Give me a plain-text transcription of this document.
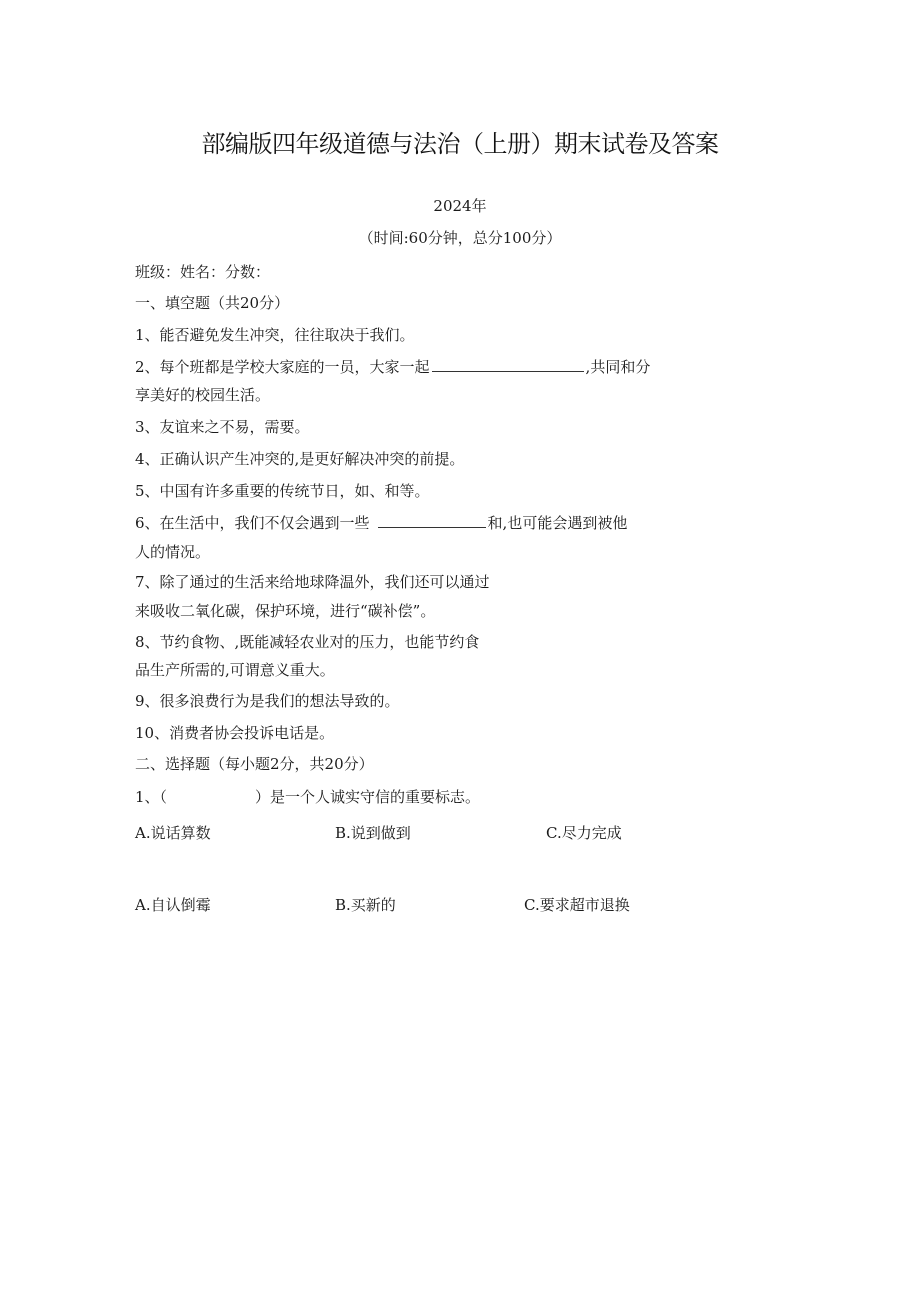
部编版四年级道德与法治（上册）期末试卷及答案
2024年
（时间:60分钟，总分100分）
班级：姓名：分数：
一、填空题（共20分）
1、能否避免发生冲突，往往取决于我们。
2、每个班都是学校大家庭的一员，大家一起	,共同和分
享美好的校园生活。
3、友谊来之不易，需要。
4、正确认识产生冲突的,是更好解决冲突的前提。
5、中国有许多重要的传统节日，如、和等。
6、在生活中，我们不仅会遇到一些	和,也可能会遇到被他
人的情况。
7、除了通过的生活来给地球降温外，我们还可以通过
来吸收二氧化碳，保护环境，进行“碳补偿”。
8、节约食物、,既能减轻农业对的压力，也能节约食
品生产所需的,可谓意义重大。
9、很多浪费行为是我们的想法导致的。
10、消费者协会投诉电话是。
二、选择题（每小题2分，共20分）
1、（	）是一个人诚实守信的重要标志。
A.说话算数	B.说到做到	C.尽力完成
A.自认倒霉	B.买新的	C.要求超市退换
